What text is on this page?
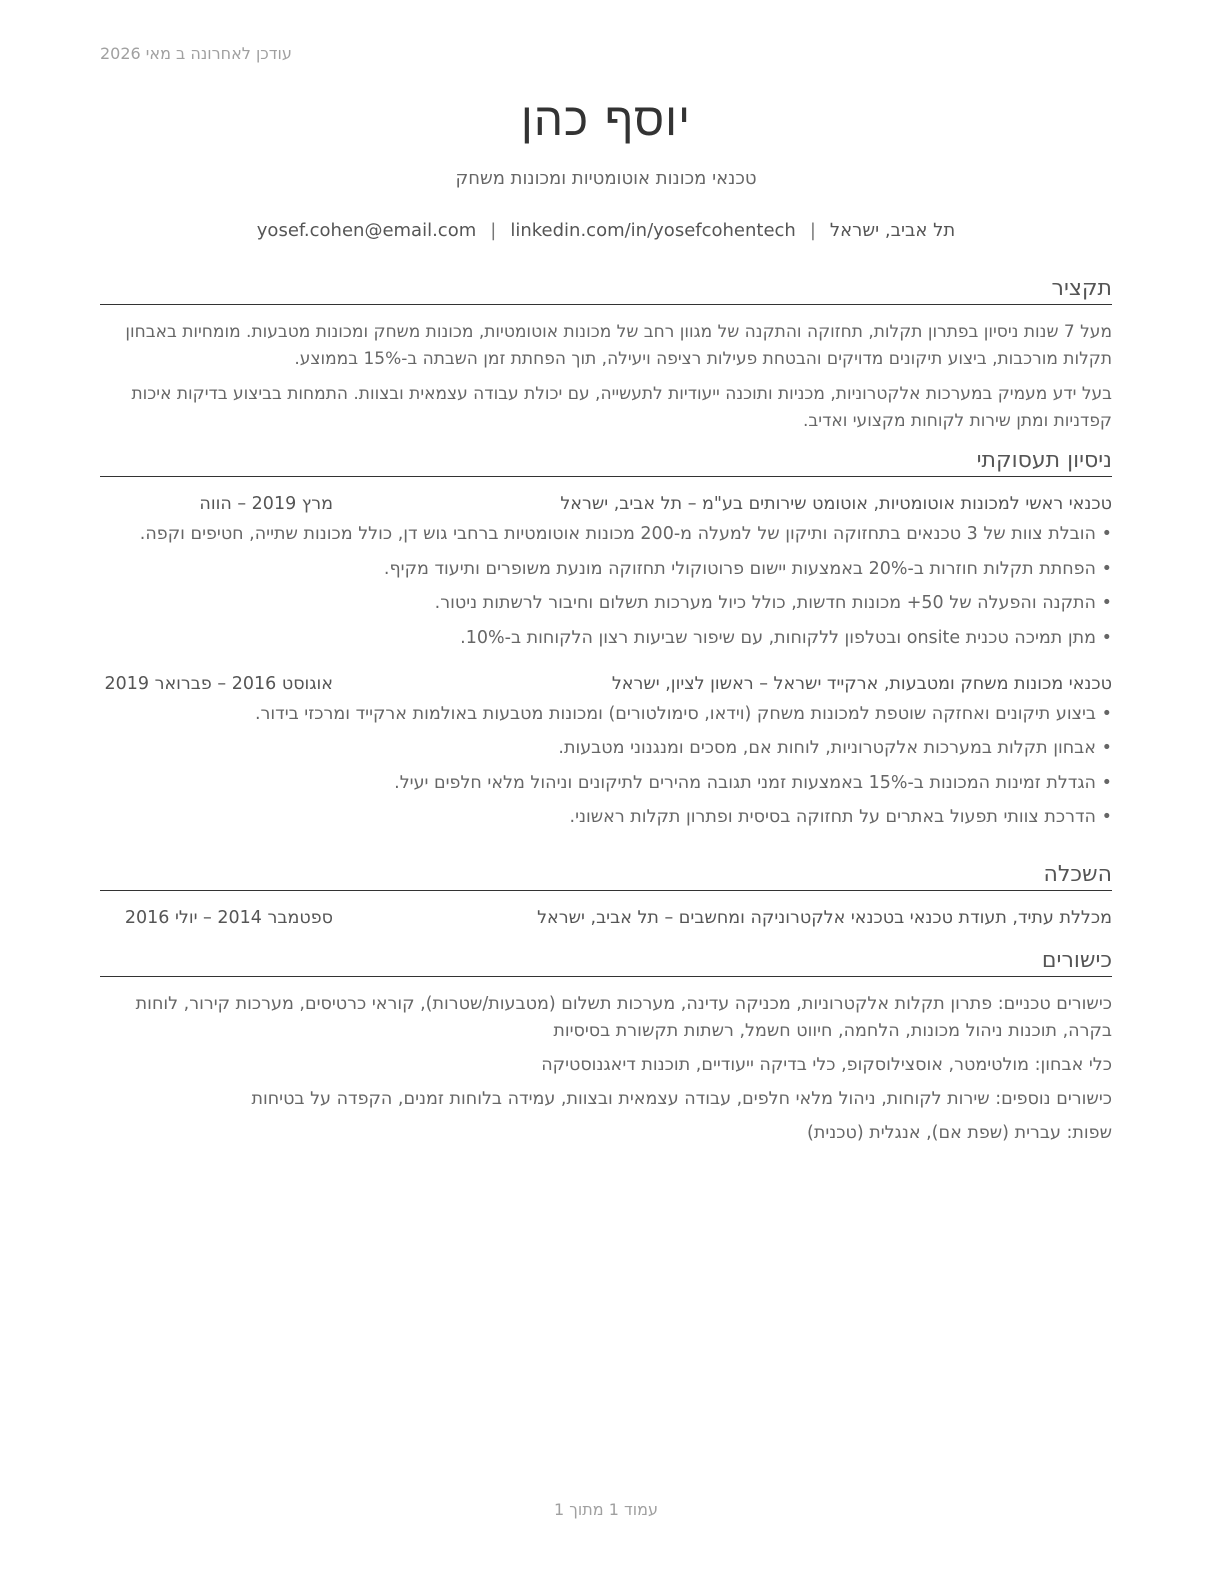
עודכן לאחרונה ב מאי 2026
יוסף כהן
טכנאי מכונות אוטומטיות ומכונות משחק
תל אביב, ישראל|yosef.cohen@email.com | linkedin.com/in/yosefcohentech
תקציר

מעל 7 שנות ניסיון בפתרון תקלות, תחזוקה והתקנה של מגוון רחב של מכונות אוטומטיות, מכונות משחק ומכונות מטבעות. מומחיות באבחון תקלות מורכבות, ביצוע תיקונים מדויקים והבטחת פעילות רציפה ויעילה, תוך הפחתת זמן השבתה ב-15% בממוצע.

בעל ידע מעמיק במערכות אלקטרוניות, מכניות ותוכנה ייעודיות לתעשייה, עם יכולת עבודה עצמאית ובצוות. התמחות בביצוע בדיקות איכות קפדניות ומתן שירות לקוחות מקצועי ואדיב.

ניסיון תעסוקתי
טכנאי ראשי למכונות אוטומטיות, אוטומט שירותים בע"מ – תל אביב, ישראל
מרץ 2019 – הווה
•
הובלת צוות של 3 טכנאים בתחזוקה ותיקון של למעלה מ-200 מכונות אוטומטיות ברחבי גוש דן, כולל מכונות שתייה, חטיפים וקפה.
•
הפחתת תקלות חוזרות ב-20% באמצעות יישום פרוטוקולי תחזוקה מונעת משופרים ותיעוד מקיף.
•
התקנה והפעלה של 50+ מכונות חדשות, כולל כיול מערכות תשלום וחיבור לרשתות ניטור.
•
מתן תמיכה טכנית onsite ובטלפון ללקוחות, עם שיפור שביעות רצון הלקוחות ב-10%.
טכנאי מכונות משחק ומטבעות, ארקייד ישראל – ראשון לציון, ישראל
אוגוסט 2016 – פברואר 2019
•
ביצוע תיקונים ואחזקה שוטפת למכונות משחק (וידאו, סימולטורים) ומכונות מטבעות באולמות ארקייד ומרכזי בידור.
•
אבחון תקלות במערכות אלקטרוניות, לוחות אם, מסכים ומנגנוני מטבעות.
•
הגדלת זמינות המכונות ב-15% באמצעות זמני תגובה מהירים לתיקונים וניהול מלאי חלפים יעיל.
•
הדרכת צוותי תפעול באתרים על תחזוקה בסיסית ופתרון תקלות ראשוני.
השכלה
מכללת עתיד, תעודת טכנאי בטכנאי אלקטרוניקה ומחשבים – תל אביב, ישראל
ספטמבר 2014 – יולי 2016
כישורים
כישורים טכניים: פתרון תקלות אלקטרוניות, מכניקה עדינה, מערכות תשלום (מטבעות/שטרות), קוראי כרטיסים, מערכות קירור, לוחות בקרה, תוכנות ניהול מכונות, הלחמה, חיווט חשמל, רשתות תקשורת בסיסיות
כלי אבחון: מולטימטר, אוסצילוסקופ, כלי בדיקה ייעודיים, תוכנות דיאגנוסטיקה
כישורים נוספים: שירות לקוחות, ניהול מלאי חלפים, עבודה עצמאית ובצוות, עמידה בלוחות זמנים, הקפדה על בטיחות
שפות: עברית (שפת אם), אנגלית (טכנית)
עמוד 1 מתוך 1
